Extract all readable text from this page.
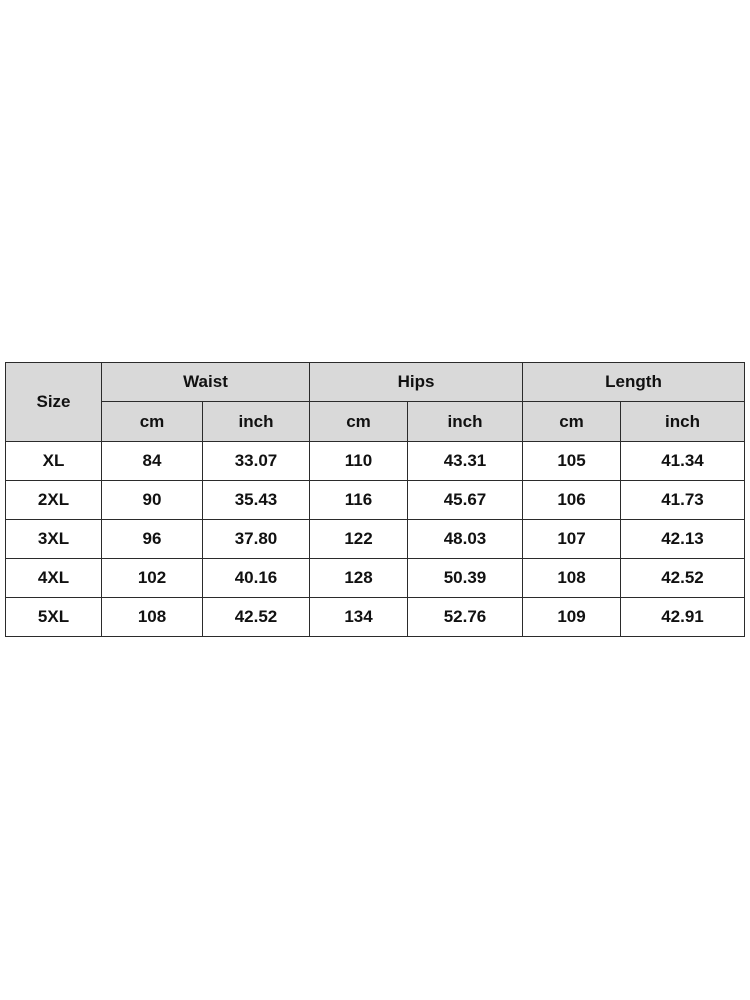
Size	Waist		Hips		Length	
	cm	inch	cm	inch	cm	inch
XL	84	33.07	110	43.31	105	41.34
2XL	90	35.43	116	45.67	106	41.73
3XL	96	37.80	122	48.03	107	42.13
4XL	102	40.16	128	50.39	108	42.52
5XL	108	42.52	134	52.76	109	42.91
